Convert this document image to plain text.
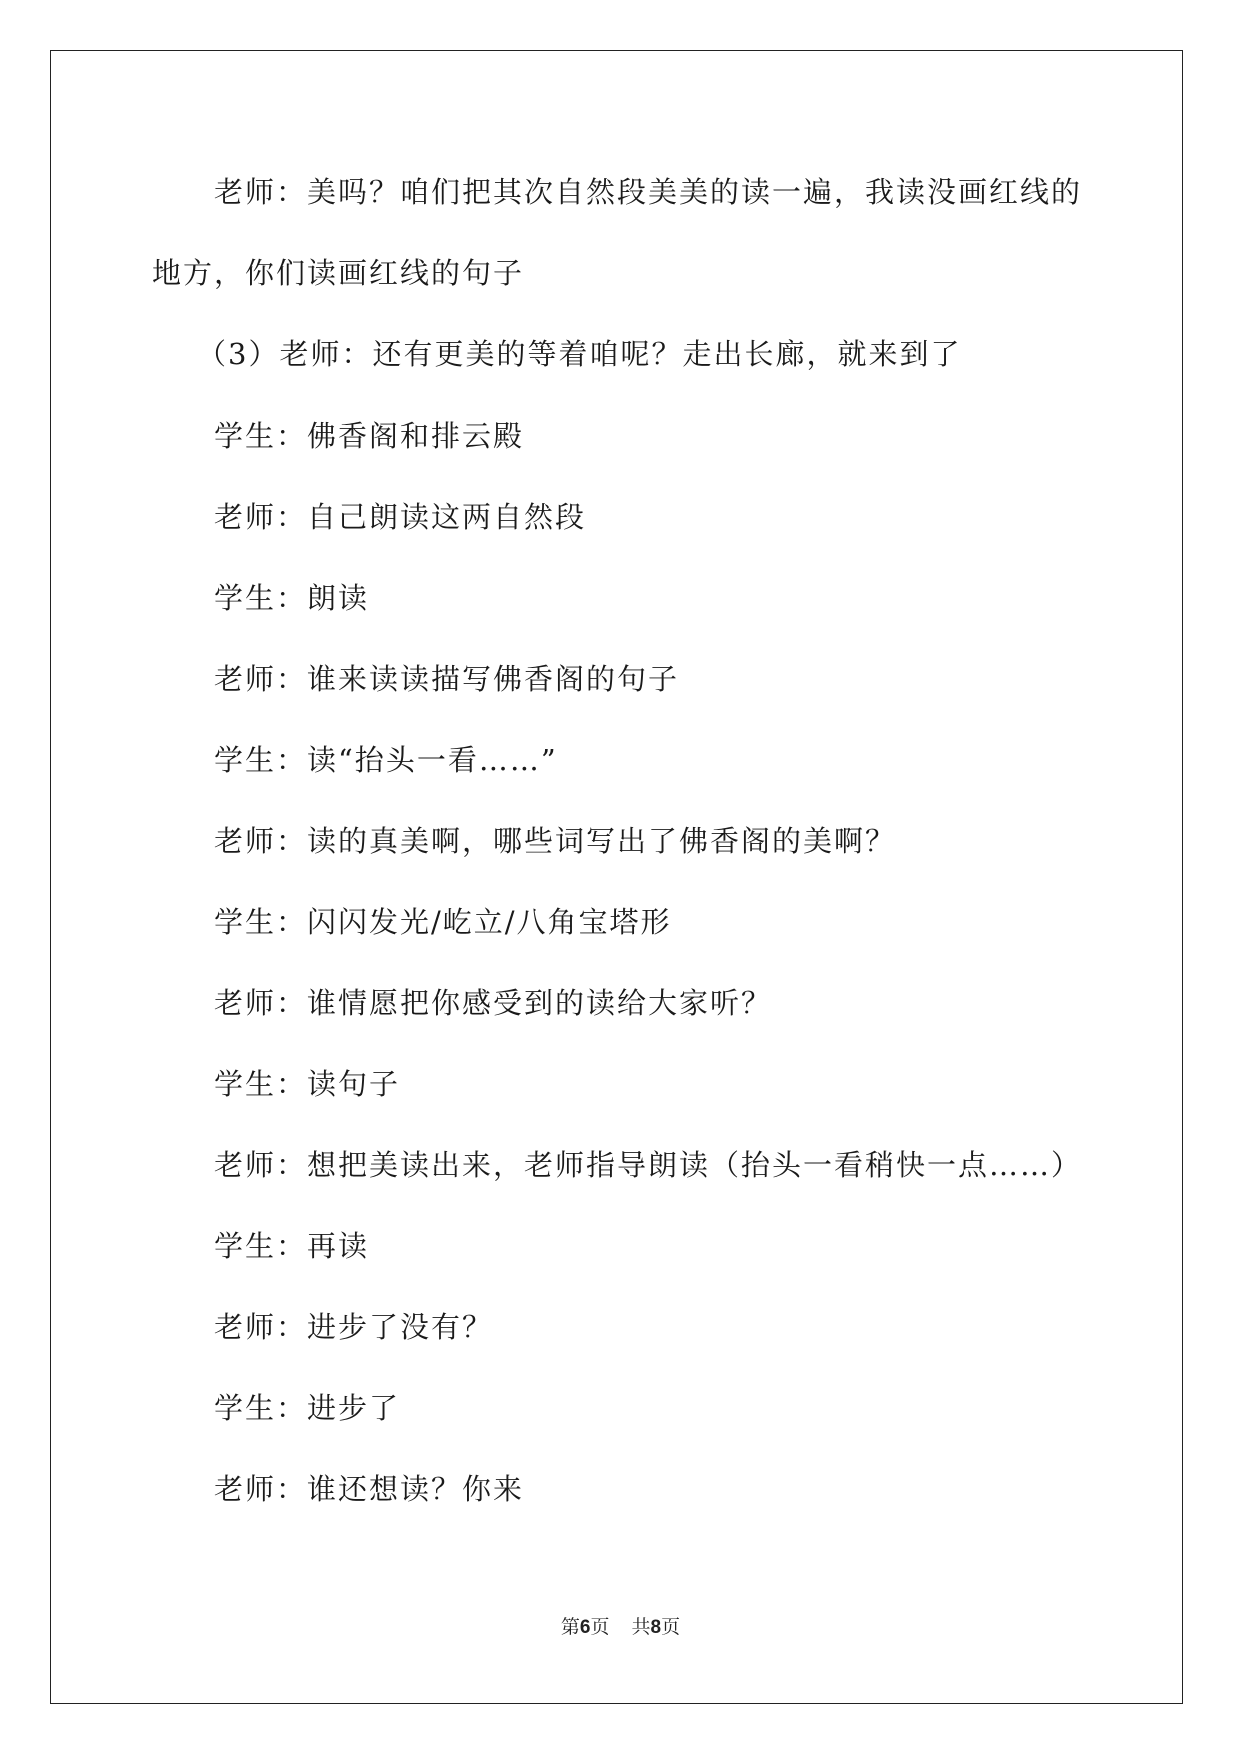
老师：美吗？咱们把其次自然段美美的读一遍，我读没画红线的
地方，你们读画红线的句子
（3）老师：还有更美的等着咱呢？走出长廊，就来到了
学生：佛香阁和排云殿
老师：自己朗读这两自然段
学生：朗读
老师：谁来读读描写佛香阁的句子
学生：读“抬头一看……”
老师：读的真美啊，哪些词写出了佛香阁的美啊？
学生：闪闪发光/屹立/八角宝塔形
老师：谁情愿把你感受到的读给大家听？
学生：读句子
老师：想把美读出来，老师指导朗读（抬头一看稍快一点……）
学生：再读
老师：进步了没有？
学生：进步了
老师：谁还想读？你来
第6页 共8页
